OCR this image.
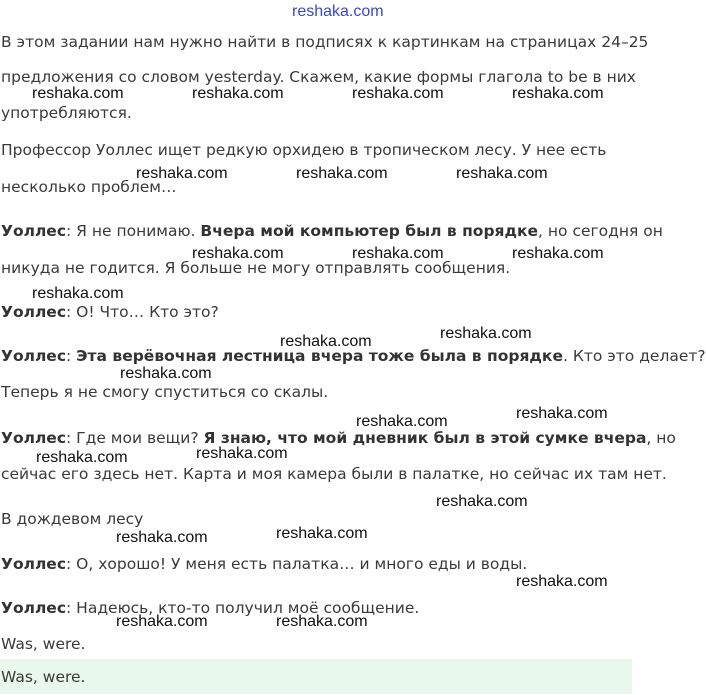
В этом задании нам нужно найти в подписях к картинкам на страницах 24–25
предложения со словом yesterday. Скажем, какие формы глагола to be в них
употребляются.
Профессор Уоллес ищет редкую орхидею в тропическом лесу. У нее есть
несколько проблем…
Уоллес: Я не понимаю. Вчера мой компьютер был в порядке, но сегодня он
никуда не годится. Я больше не могу отправлять сообщения.
Уоллес: О! Что… Кто это?
Уоллес: Эта верёвочная лестница вчера тоже была в порядке. Кто это делает?
Теперь я не смогу спуститься со скалы.
Уоллес: Где мои вещи? Я знаю, что мой дневник был в этой сумке вчера, но
сейчас его здесь нет. Карта и моя камера были в палатке, но сейчас их там нет.
В дождевом лесу
Уоллес: О, хорошо! У меня есть палатка… и много еды и воды.
Уоллес: Надеюсь, кто-то получил моё сообщение.
Was, were.
Was, were.
reshaka.com
reshaka.com	reshaka.com	reshaka.com	reshaka.com
reshaka.com	reshaka.com	reshaka.com
reshaka.com	reshaka.com	reshaka.com
reshaka.com
reshaka.com	reshaka.com
reshaka.com
reshaka.com	reshaka.com
reshaka.com	reshaka.com
reshaka.com
reshaka.com	reshaka.com
reshaka.com
reshaka.com	reshaka.com
